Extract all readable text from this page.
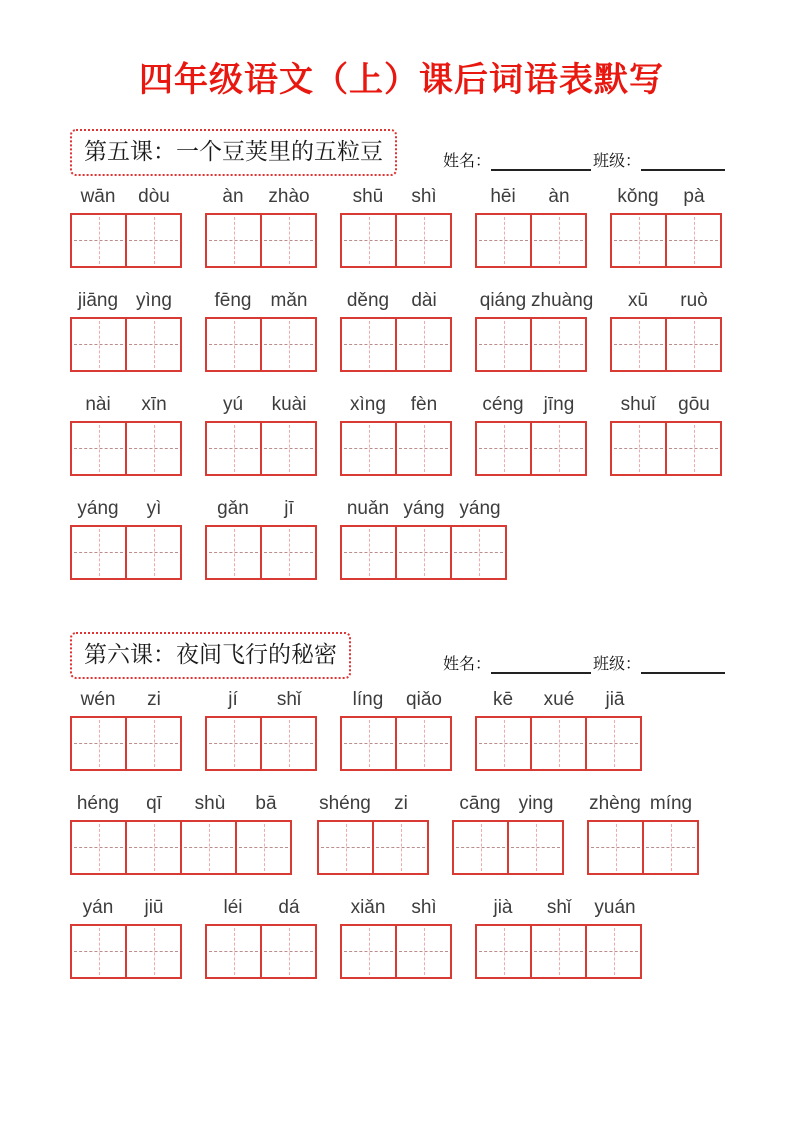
四年级语文（上）课后词语表默写
第五课：一个豆荚里的五粒豆	姓名：	班级：
wān	dòu	àn	zhào	shū	shì	hēi	àn	kǒng	pà
jiāng yìng	fēng	mǎn	děng	dài	qiáng zhuàng	xū	ruò
nài	xīn	yú	kuài	xìng	fèn	céng	jīng	shuǐ	gōu
yáng	yì	gǎn	jī	nuǎn yáng yáng
第六课：夜间飞行的秘密	姓名：	班级：
wén	zi	jí	shǐ	líng	qiǎo	kē	xué	jiā
héng	qī	shù	bā	shéng	zi	cāng ying	zhèng míng
yán	jiū	léi	dá	xiǎn	shì	jià	shǐ	yuán
